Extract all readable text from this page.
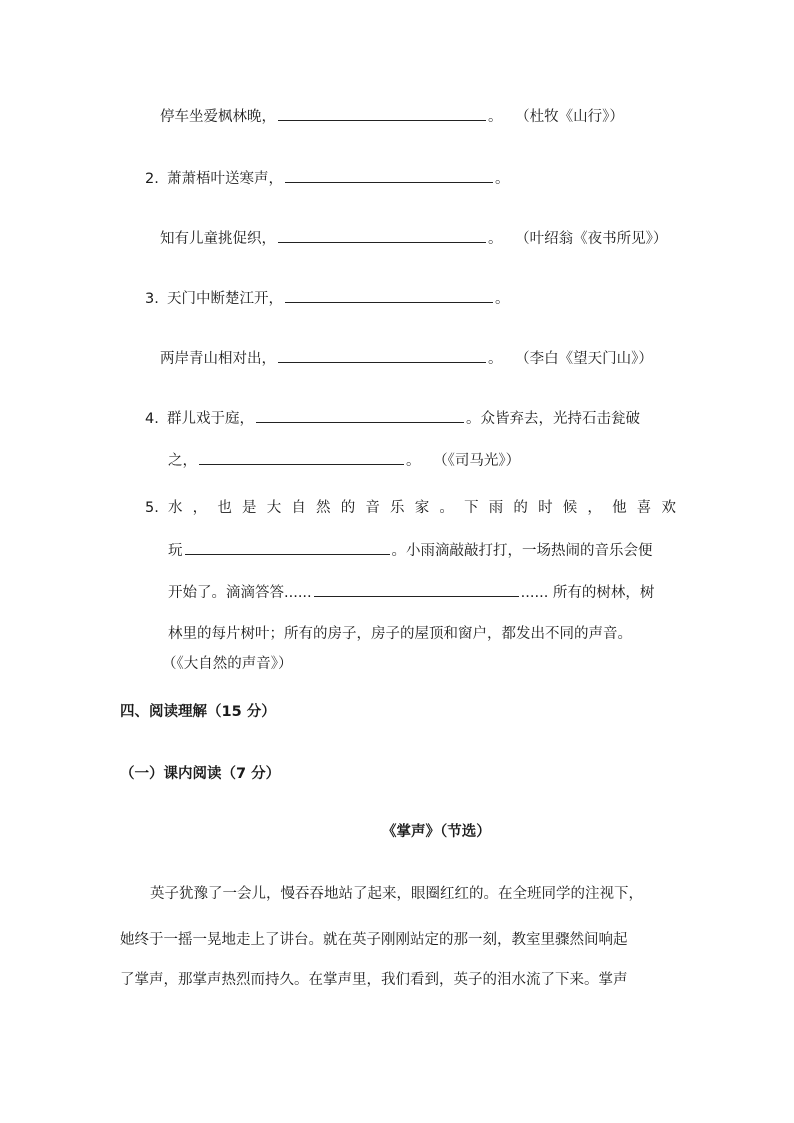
停车坐爱枫林晚，	。 （杜牧《山行》）
2. 萧萧梧叶送寒声，	。
知有儿童挑促织，	。 （叶绍翁《夜书所见》）
3. 天门中断楚江开，	。
两岸青山相对出，	。 （李白《望天门山》）
4. 群儿戏于庭，	。众皆弃去，光持石击瓮破
之，	。 （《司马光》）
5. 水 ， 也 是 大 自 然 的 音 乐 家 。 下 雨 的 时 候 ， 他 喜 欢
玩	。小雨滴敲敲打打，一场热闹的音乐会便
开始了。滴滴答答......	...... 所有的树林，树
林里的每片树叶；所有的房子，房子的屋顶和窗户，都发出不同的声音。
（《大自然的声音》）
四、阅读理解（15 分）
（一）课内阅读（7 分）
《掌声》（节选）
英子犹豫了一会儿，慢吞吞地站了起来，眼圈红红的。在全班同学的注视下，
她终于一摇一晃地走上了讲台。就在英子刚刚站定的那一刻，教室里骤然间响起
了掌声，那掌声热烈而持久。在掌声里，我们看到，英子的泪水流了下来。掌声
